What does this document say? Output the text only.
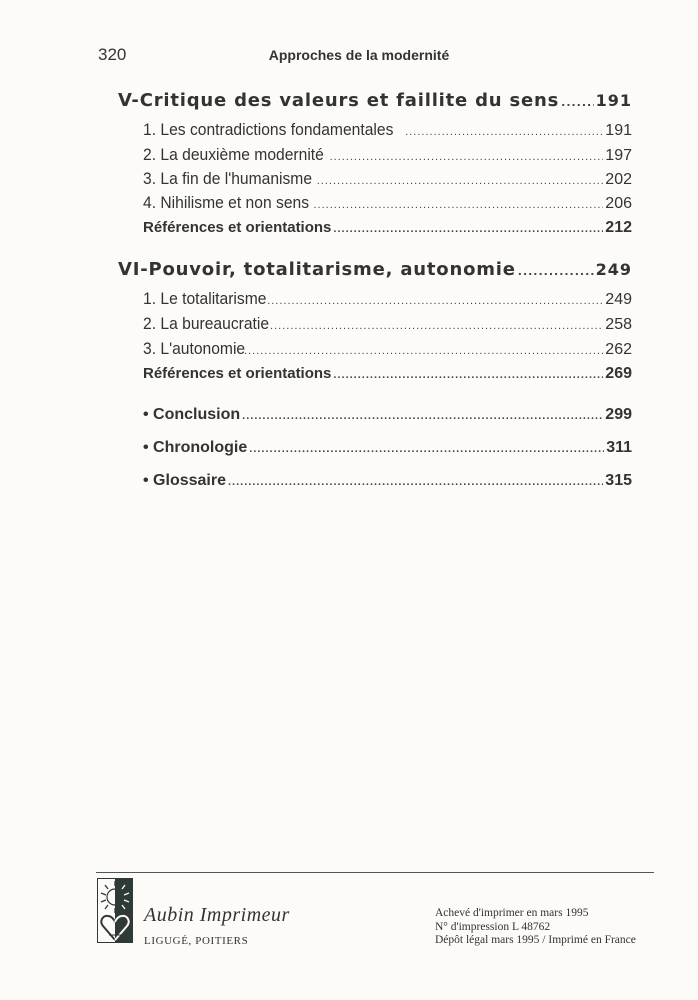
320	Approches de la modernité
V-Critique des valeurs et faillite du sens ..... 191
1. Les contradictions fondamentales .....	191
2. La deuxième modernité .....	197
3. La fin de l'humanisme .....	202
4. Nihilisme et non sens .....	206
Références et orientations .....	212
VI-Pouvoir, totalitarisme, autonomie .....	249
1. Le totalitarisme .....	249
2. La bureaucratie .....	258
3. L'autonomie .....	262
Références et orientations .....	269
• Conclusion .....	299
• Chronologie .....	311
• Glossaire .....	315
Aubin Imprimeur
LIGUGÉ, POITIERS
Achevé d'imprimer en mars 1995
N° d'impression L 48762
Dépôt légal mars 1995 / Imprimé en France
